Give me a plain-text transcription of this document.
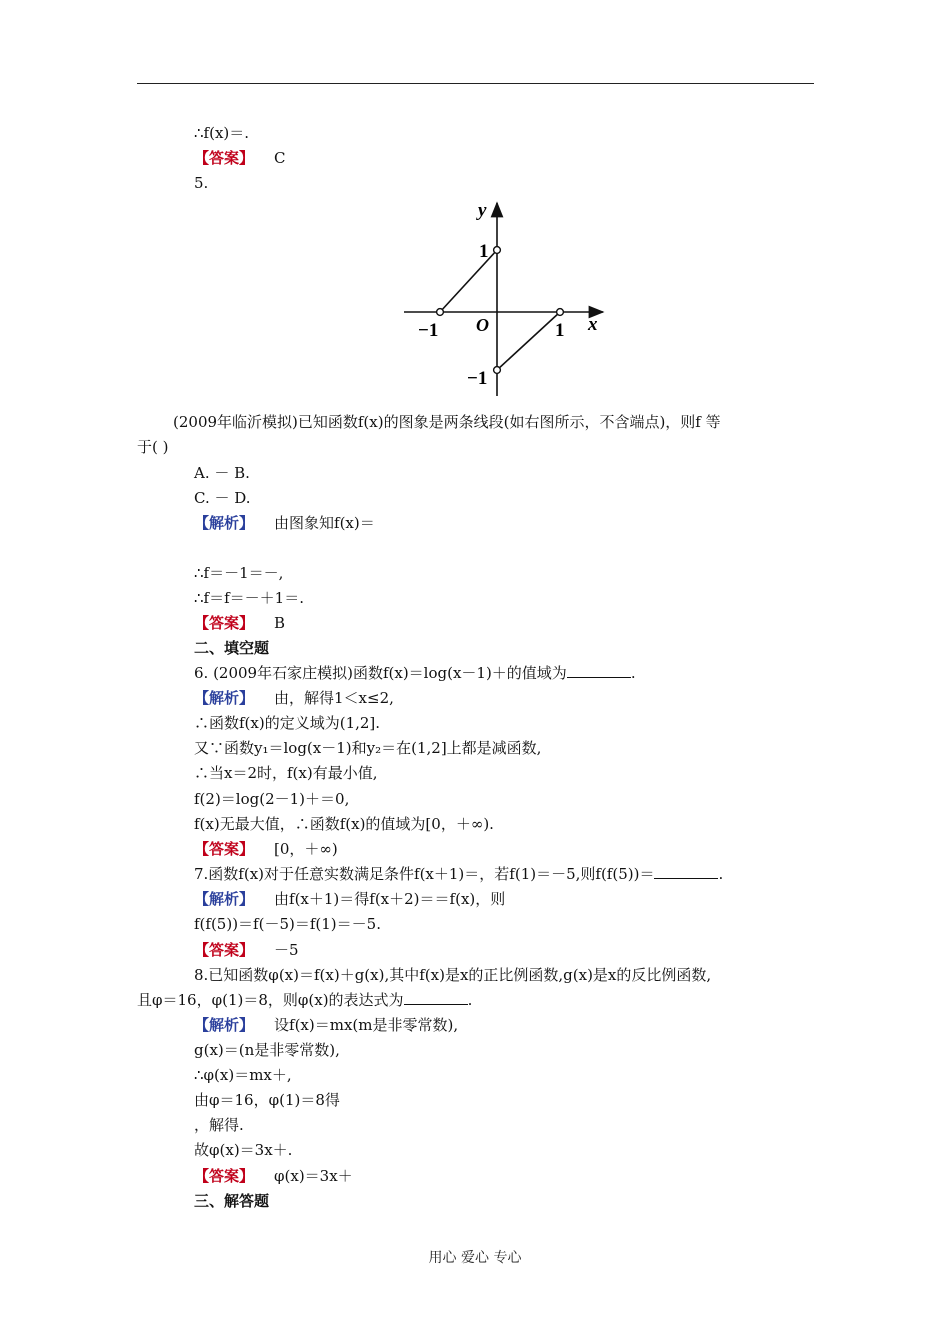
∴f(x)＝.
【答案】 C
5.
y
x
O
1
−1	1
−1
(2009年临沂模拟)已知函数f(x)的图象是两条线段(如右图所示，不含端点)，则f 等
于( )
A. － B.
C. － D.
【解析】 由图象知f(x)＝
∴f＝－1＝－,
∴f＝f＝－＋1＝.
【答案】 B
二、填空题
6. (2009年石家庄模拟)函数f(x)＝log(x－1)＋的值域为	.
【解析】 由，解得1＜x≤2,
∴函数f(x)的定义域为(1,2].
又∵函数y₁＝log(x－1)和y₂＝在(1,2]上都是减函数,
∴当x＝2时，f(x)有最小值,
f(2)＝log(2－1)＋＝0,
f(x)无最大值，∴函数f(x)的值域为[0，＋∞).
【答案】 [0，＋∞)
7.函数f(x)对于任意实数满足条件f(x＋1)＝，若f(1)＝－5,则f(f(5))＝	.
【解析】 由f(x＋1)＝得f(x＋2)＝＝f(x)，则
f(f(5))＝f(－5)＝f(1)＝－5.
【答案】 －5
8.已知函数φ(x)＝f(x)＋g(x),其中f(x)是x的正比例函数,g(x)是x的反比例函数,
且φ＝16，φ(1)＝8，则φ(x)的表达式为	.
【解析】 设f(x)＝mx(m是非零常数),
g(x)＝(n是非零常数),
∴φ(x)＝mx＋,
由φ＝16，φ(1)＝8得
，解得.
故φ(x)＝3x＋.
【答案】 φ(x)＝3x＋
三、解答题
用心 爱心 专心
